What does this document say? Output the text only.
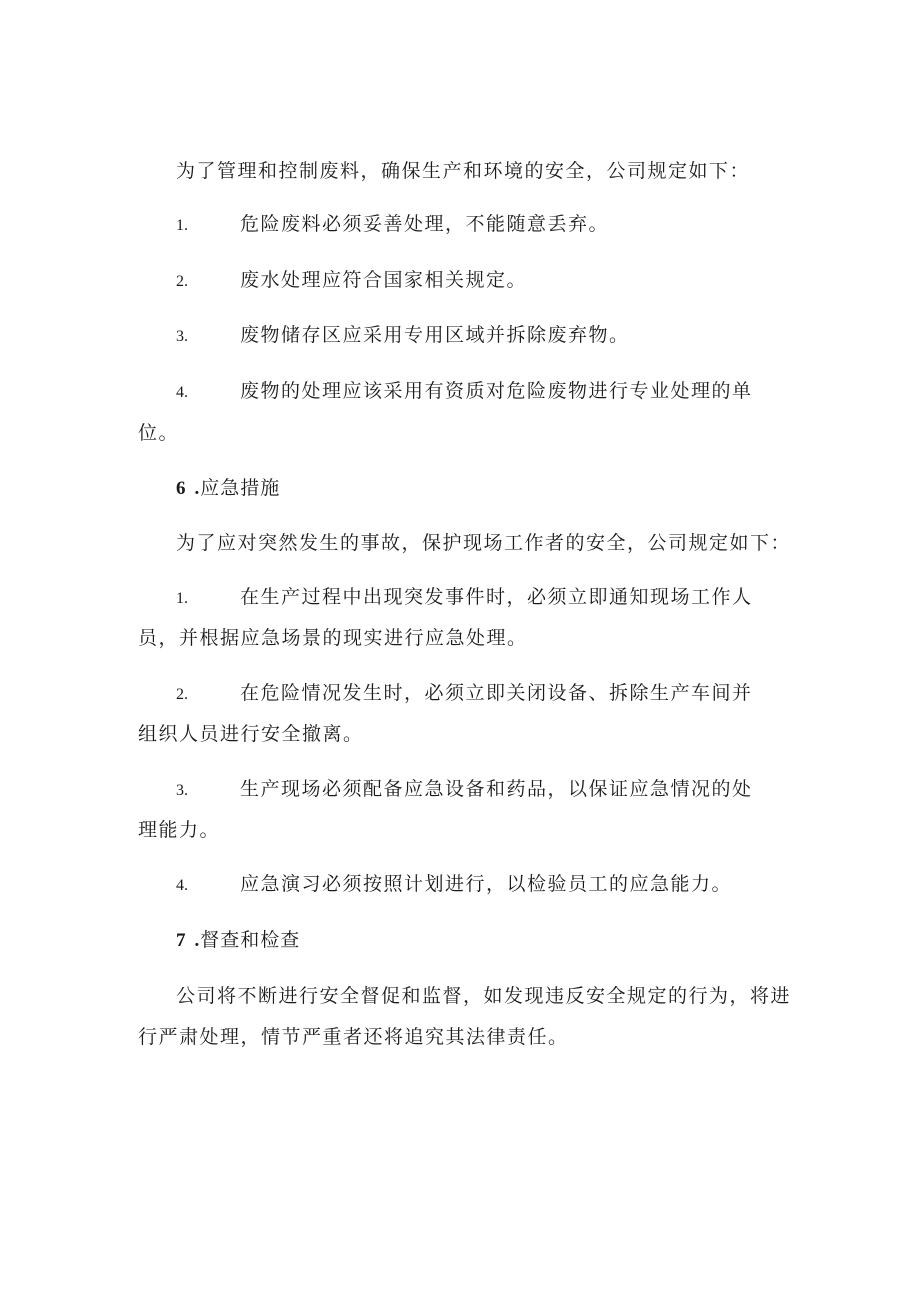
为了管理和控制废料，确保生产和环境的安全，公司规定如下：
1.	危险废料必须妥善处理，不能随意丢弃。
2.	废水处理应符合国家相关规定。
3.	废物储存区应采用专用区域并拆除废弃物。
4.	废物的处理应该采用有资质对危险废物进行专业处理的单
位。
6 .应急措施
为了应对突然发生的事故，保护现场工作者的安全，公司规定如下：
1.	在生产过程中出现突发事件时，必须立即通知现场工作人
员，并根据应急场景的现实进行应急处理。
2.	在危险情况发生时，必须立即关闭设备、拆除生产车间并
组织人员进行安全撤离。
3.	生产现场必须配备应急设备和药品，以保证应急情况的处
理能力。
4.	应急演习必须按照计划进行，以检验员工的应急能力。
7 .督查和检查
公司将不断进行安全督促和监督，如发现违反安全规定的行为，将进
行严肃处理，情节严重者还将追究其法律责任。
